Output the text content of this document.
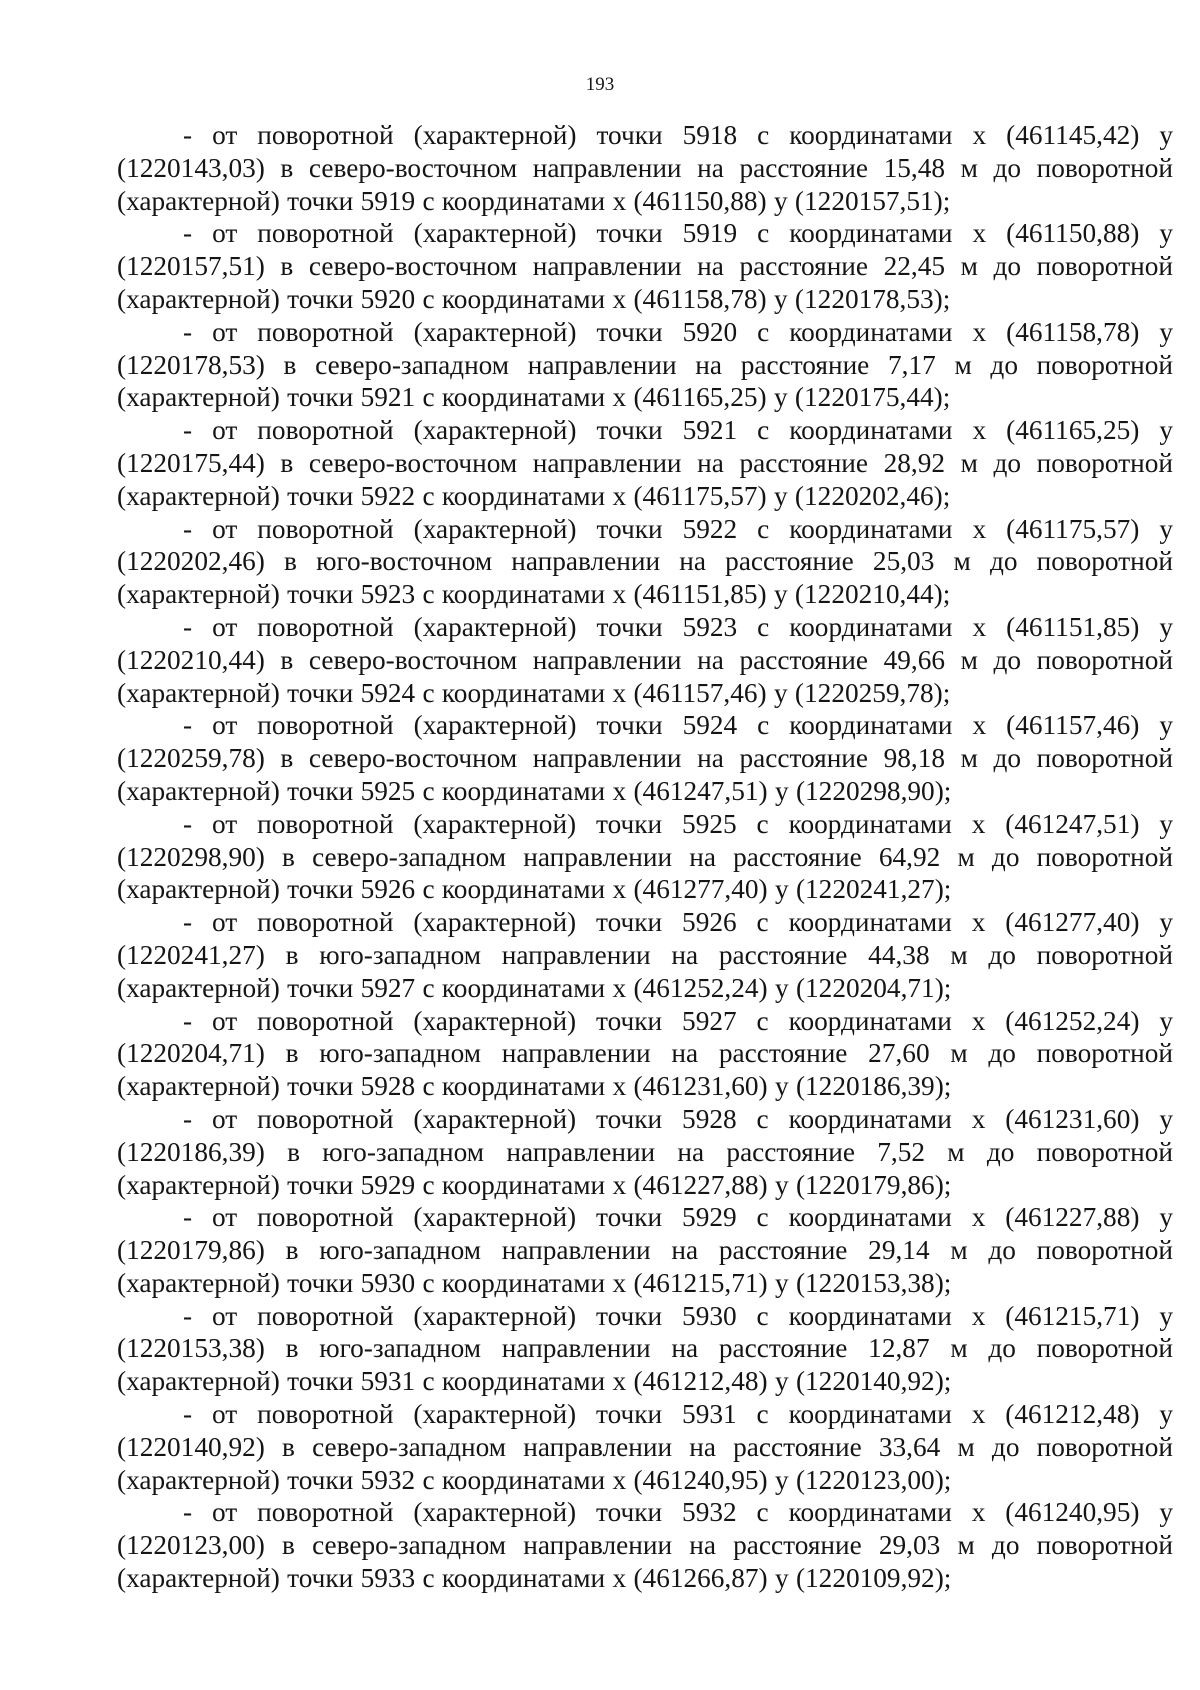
193

- от поворотной (характерной) точки 5918 с координатами х (461145,42) у (1220143,03) в северо-восточном направлении на расстояние 15,48 м до поворотной (характерной) точки 5919 с координатами х (461150,88) у (1220157,51);

- от поворотной (характерной) точки 5919 с координатами х (461150,88) у (1220157,51) в северо-восточном направлении на расстояние 22,45 м до поворотной (характерной) точки 5920 с координатами х (461158,78) у (1220178,53);

- от поворотной (характерной) точки 5920 с координатами х (461158,78) у (1220178,53) в северо-западном направлении на расстояние 7,17 м до поворотной (характерной) точки 5921 с координатами х (461165,25) у (1220175,44);

- от поворотной (характерной) точки 5921 с координатами х (461165,25) у (1220175,44) в северо-восточном направлении на расстояние 28,92 м до поворотной (характерной) точки 5922 с координатами х (461175,57) у (1220202,46);

- от поворотной (характерной) точки 5922 с координатами х (461175,57) у (1220202,46) в юго-восточном направлении на расстояние 25,03 м до поворотной (характерной) точки 5923 с координатами х (461151,85) у (1220210,44);

- от поворотной (характерной) точки 5923 с координатами х (461151,85) у (1220210,44) в северо-восточном направлении на расстояние 49,66 м до поворотной (характерной) точки 5924 с координатами х (461157,46) у (1220259,78);

- от поворотной (характерной) точки 5924 с координатами х (461157,46) у (1220259,78) в северо-восточном направлении на расстояние 98,18 м до поворотной (характерной) точки 5925 с координатами х (461247,51) у (1220298,90);

- от поворотной (характерной) точки 5925 с координатами х (461247,51) у (1220298,90) в северо-западном направлении на расстояние 64,92 м до поворотной (характерной) точки 5926 с координатами х (461277,40) у (1220241,27);

- от поворотной (характерной) точки 5926 с координатами х (461277,40) у (1220241,27) в юго-западном направлении на расстояние 44,38 м до поворотной (характерной) точки 5927 с координатами х (461252,24) у (1220204,71);

- от поворотной (характерной) точки 5927 с координатами х (461252,24) у (1220204,71) в юго-западном направлении на расстояние 27,60 м до поворотной (характерной) точки 5928 с координатами х (461231,60) у (1220186,39);

- от поворотной (характерной) точки 5928 с координатами х (461231,60) у (1220186,39) в юго-западном направлении на расстояние 7,52 м до поворотной (характерной) точки 5929 с координатами х (461227,88) у (1220179,86);

- от поворотной (характерной) точки 5929 с координатами х (461227,88) у (1220179,86) в юго-западном направлении на расстояние 29,14 м до поворотной (характерной) точки 5930 с координатами х (461215,71) у (1220153,38);

- от поворотной (характерной) точки 5930 с координатами х (461215,71) у (1220153,38) в юго-западном направлении на расстояние 12,87 м до поворотной (характерной) точки 5931 с координатами х (461212,48) у (1220140,92);

- от поворотной (характерной) точки 5931 с координатами х (461212,48) у (1220140,92) в северо-западном направлении на расстояние 33,64 м до поворотной (характерной) точки 5932 с координатами х (461240,95) у (1220123,00);

- от поворотной (характерной) точки 5932 с координатами х (461240,95) у (1220123,00) в северо-западном направлении на расстояние 29,03 м до поворотной (характерной) точки 5933 с координатами х (461266,87) у (1220109,92);
